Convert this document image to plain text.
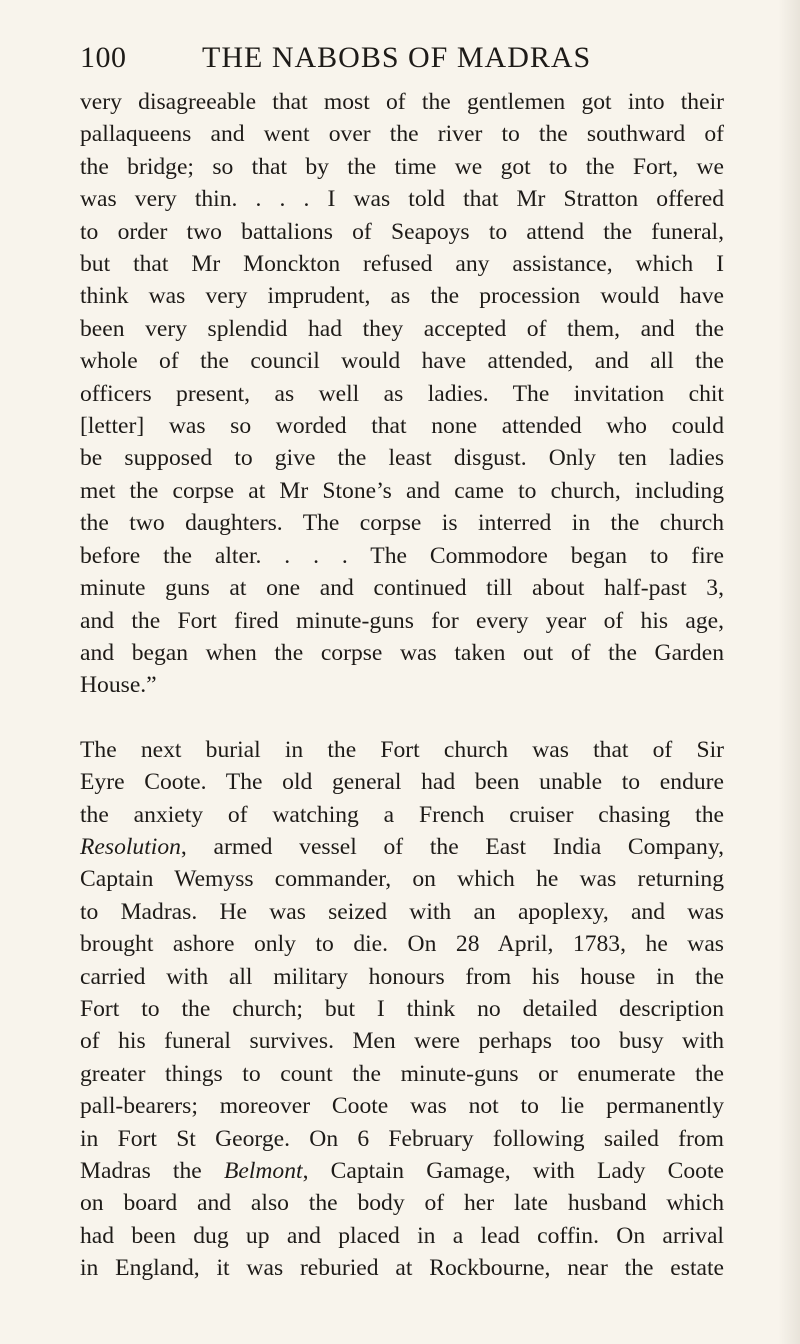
100	THE NABOBS OF MADRAS

very disagreeable that most of the gentlemen got into their
pallaqueens and went over the river to the southward of
the bridge; so that by the time we got to the Fort, we
was very thin. . . . I was told that Mr Stratton offered
to order two battalions of Seapoys to attend the funeral,
but that Mr Monckton refused any assistance, which I
think was very imprudent, as the procession would have
been very splendid had they accepted of them, and the
whole of the council would have attended, and all the
officers present, as well as ladies. The invitation chit
[letter] was so worded that none attended who could
be supposed to give the least disgust. Only ten ladies
met the corpse at Mr Stone’s and came to church, including
the two daughters. The corpse is interred in the church
before the alter. . . . The Commodore began to fire
minute guns at one and continued till about half-past 3,
and the Fort fired minute-guns for every year of his age,
and began when the corpse was taken out of the Garden
House.”

The next burial in the Fort church was that of Sir
Eyre Coote. The old general had been unable to endure
the anxiety of watching a French cruiser chasing the
Resolution, armed vessel of the East India Company,
Captain Wemyss commander, on which he was returning
to Madras. He was seized with an apoplexy, and was
brought ashore only to die. On 28 April, 1783, he was
carried with all military honours from his house in the
Fort to the church; but I think no detailed description
of his funeral survives. Men were perhaps too busy with
greater things to count the minute-guns or enumerate the
pall-bearers; moreover Coote was not to lie permanently
in Fort St George. On 6 February following sailed from
Madras the Belmont, Captain Gamage, with Lady Coote
on board and also the body of her late husband which
had been dug up and placed in a lead coffin. On arrival
in England, it was reburied at Rockbourne, near the estate
